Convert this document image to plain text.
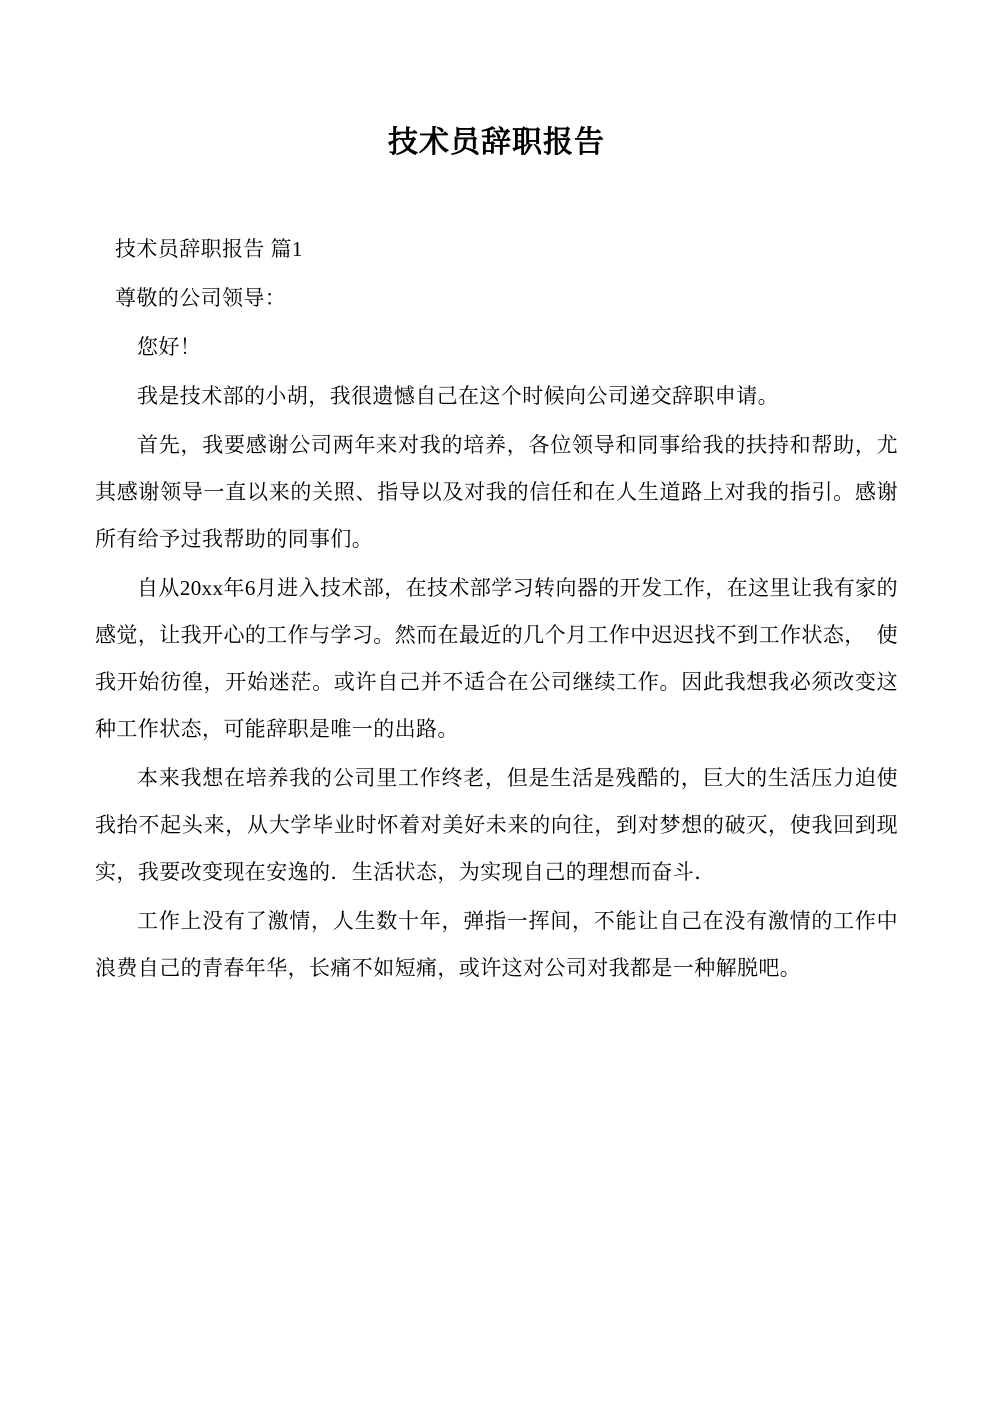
技术员辞职报告

技术员辞职报告 篇1

尊敬的公司领导：

您好！

我是技术部的小胡，我很遗憾自己在这个时候向公司递交辞职申请。

首先，我要感谢公司两年来对我的培养，各位领导和同事给我的扶持和帮助，尤其感谢领导一直以来的关照、指导以及对我的信任和在人生道路上对我的指引。感谢所有给予过我帮助的同事们。

自从20xx年6月进入技术部，在技术部学习转向器的开发工作，在这里让我有家的感觉，让我开心的工作与学习。然而在最近的几个月工作中迟迟找不到工作状态，　使我开始彷徨，开始迷茫。或许自己并不适合在公司继续工作。因此我想我必须改变这种工作状态，可能辞职是唯一的出路。

本来我想在培养我的公司里工作终老，但是生活是残酷的，巨大的生活压力迫使我抬不起头来，从大学毕业时怀着对美好未来的向往，到对梦想的破灭，使我回到现实，我要改变现在安逸的．生活状态，为实现自己的理想而奋斗．

工作上没有了激情，人生数十年，弹指一挥间，不能让自己在没有激情的工作中浪费自己的青春年华，长痛不如短痛，或许这对公司对我都是一种解脱吧。
